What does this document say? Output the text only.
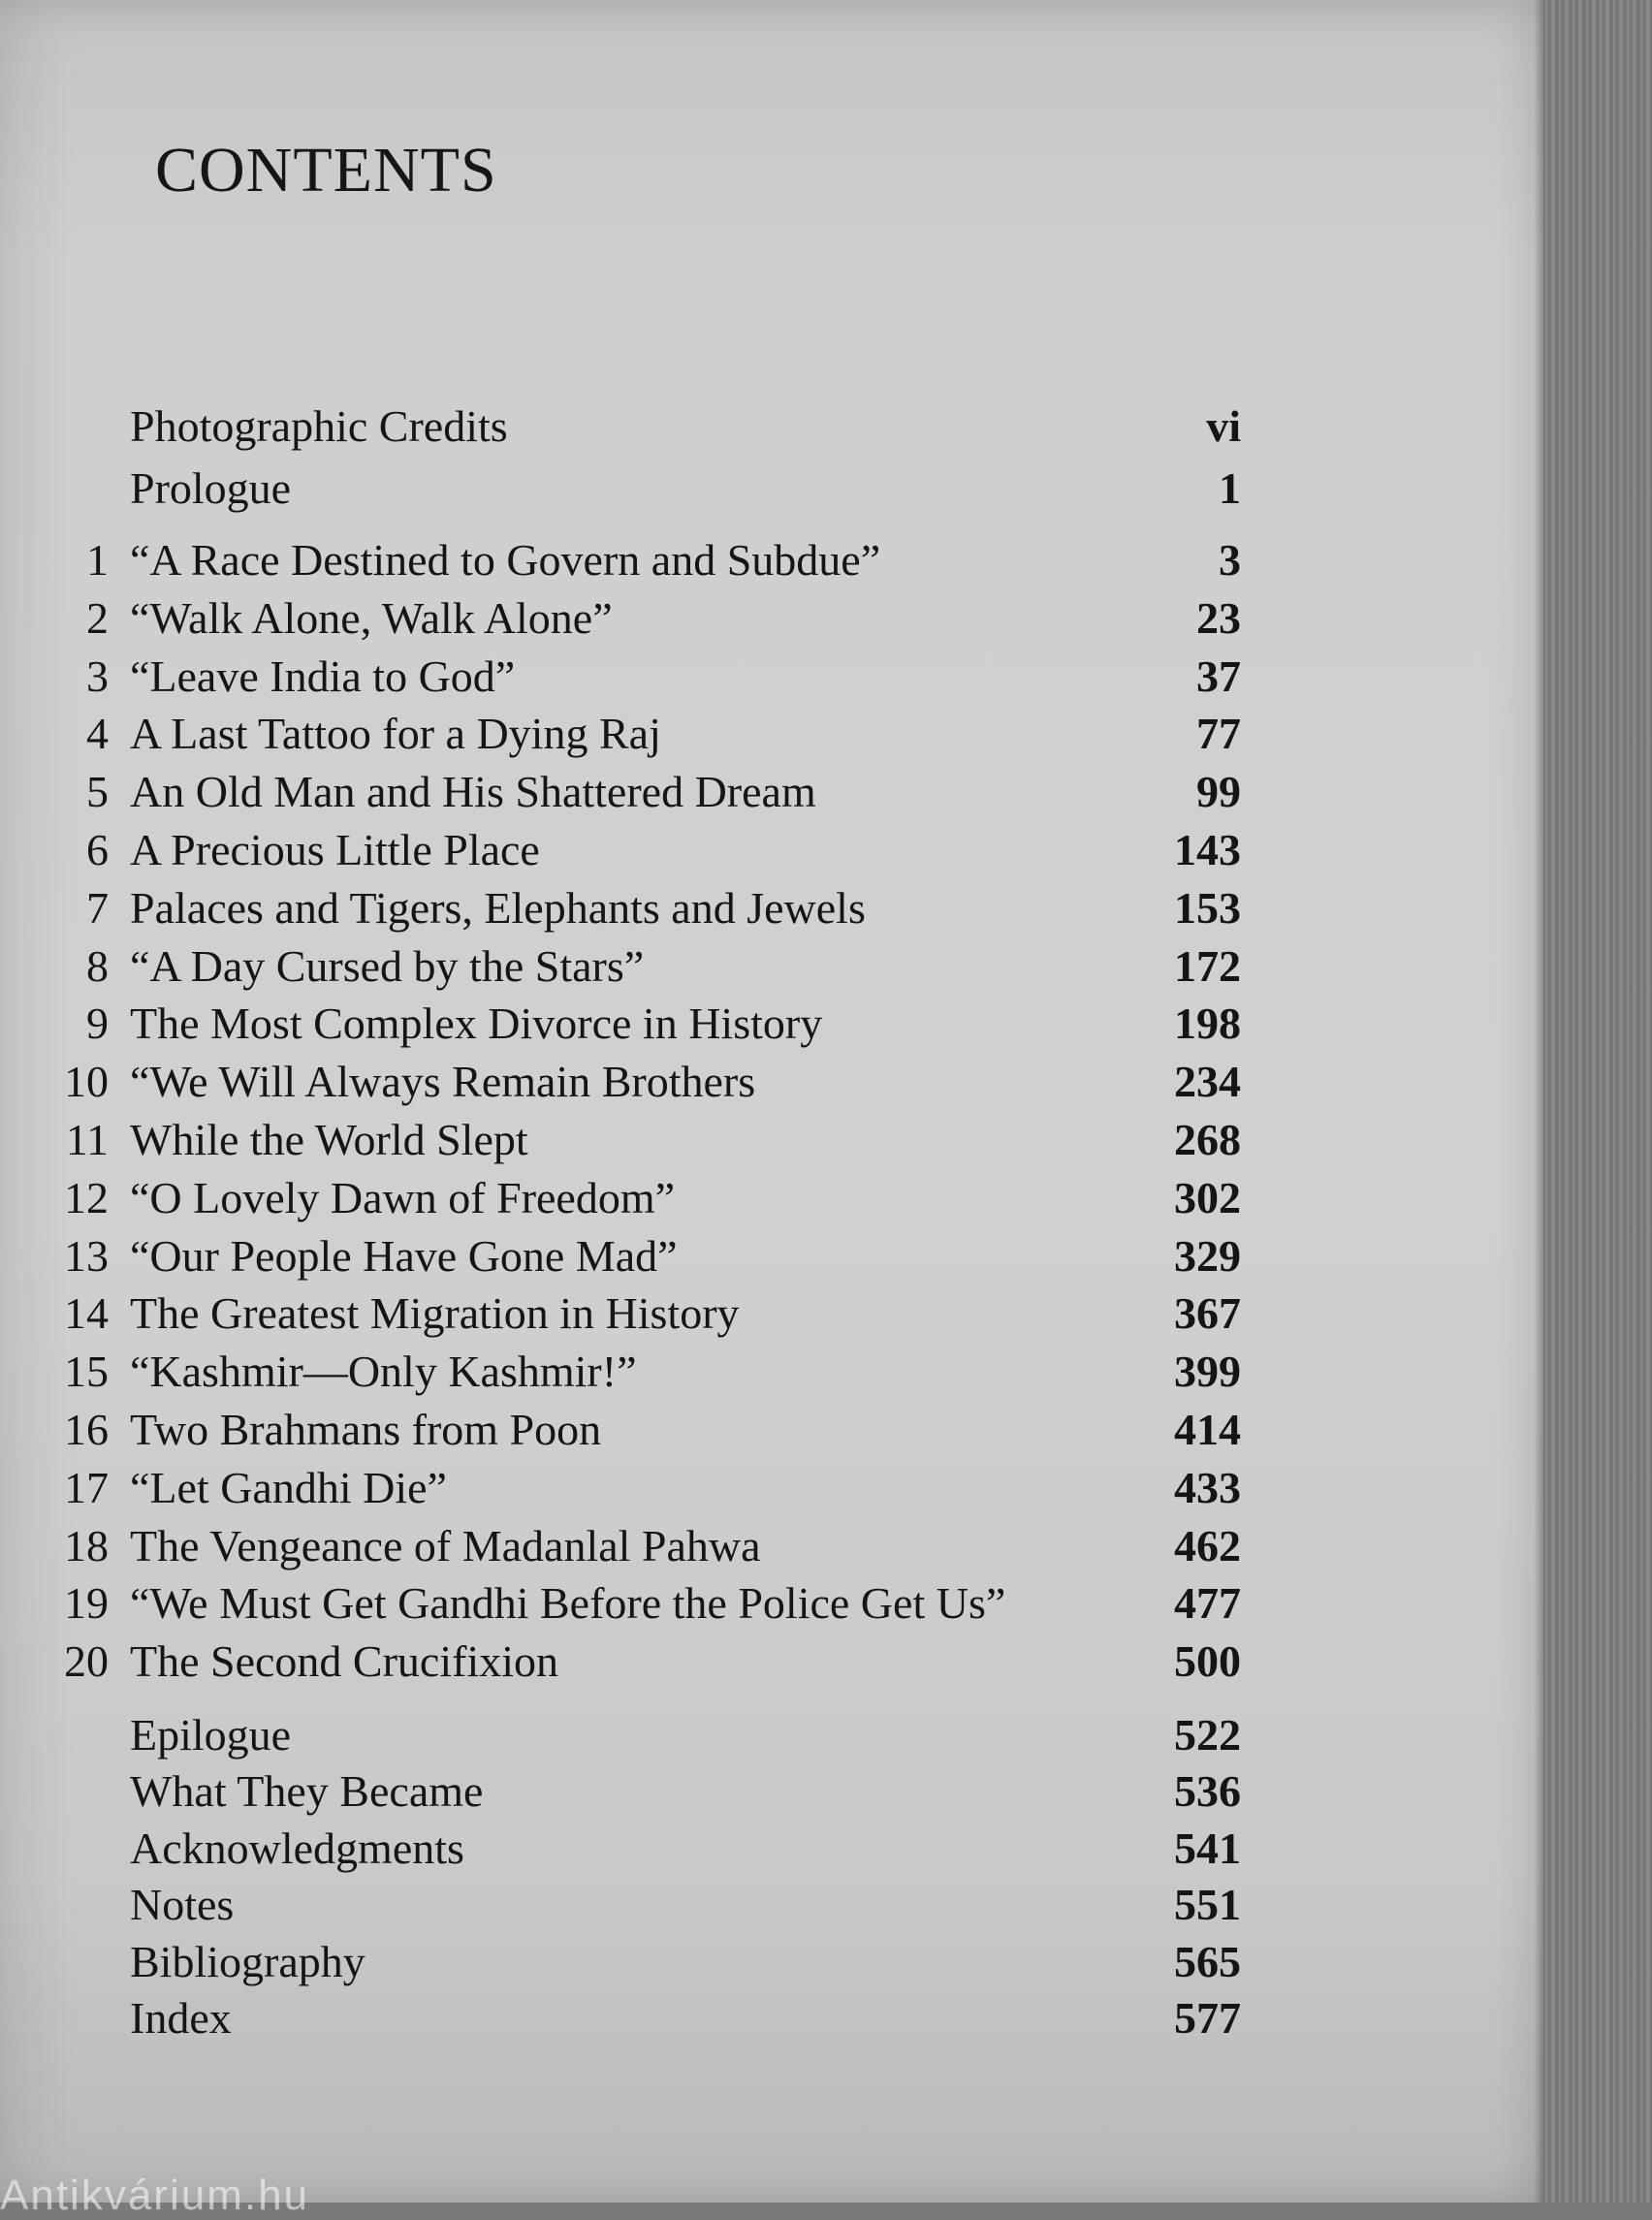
CONTENTS
Photographic Credits	vi
Prologue	1
1 “A Race Destined to Govern and Subdue”	3
2 “Walk Alone, Walk Alone”	23
3 “Leave India to God”	37
4 A Last Tattoo for a Dying Raj	77
5 An Old Man and His Shattered Dream	99
6 A Precious Little Place	143
7 Palaces and Tigers, Elephants and Jewels	153
8 “A Day Cursed by the Stars”	172
9 The Most Complex Divorce in History	198
10 “We Will Always Remain Brothers	234
11 While the World Slept	268
12 “O Lovely Dawn of Freedom”	302
13 “Our People Have Gone Mad”	329
14 The Greatest Migration in History	367
15 “Kashmir—Only Kashmir!”	399
16 Two Brahmans from Poon	414
17 “Let Gandhi Die”	433
18 The Vengeance of Madanlal Pahwa	462
19 “We Must Get Gandhi Before the Police Get Us”	477
20 The Second Crucifixion	500
Epilogue	522
What They Became	536
Acknowledgments	541
Notes	551
Bibliography	565
Index	577
Antikvárium.hu
